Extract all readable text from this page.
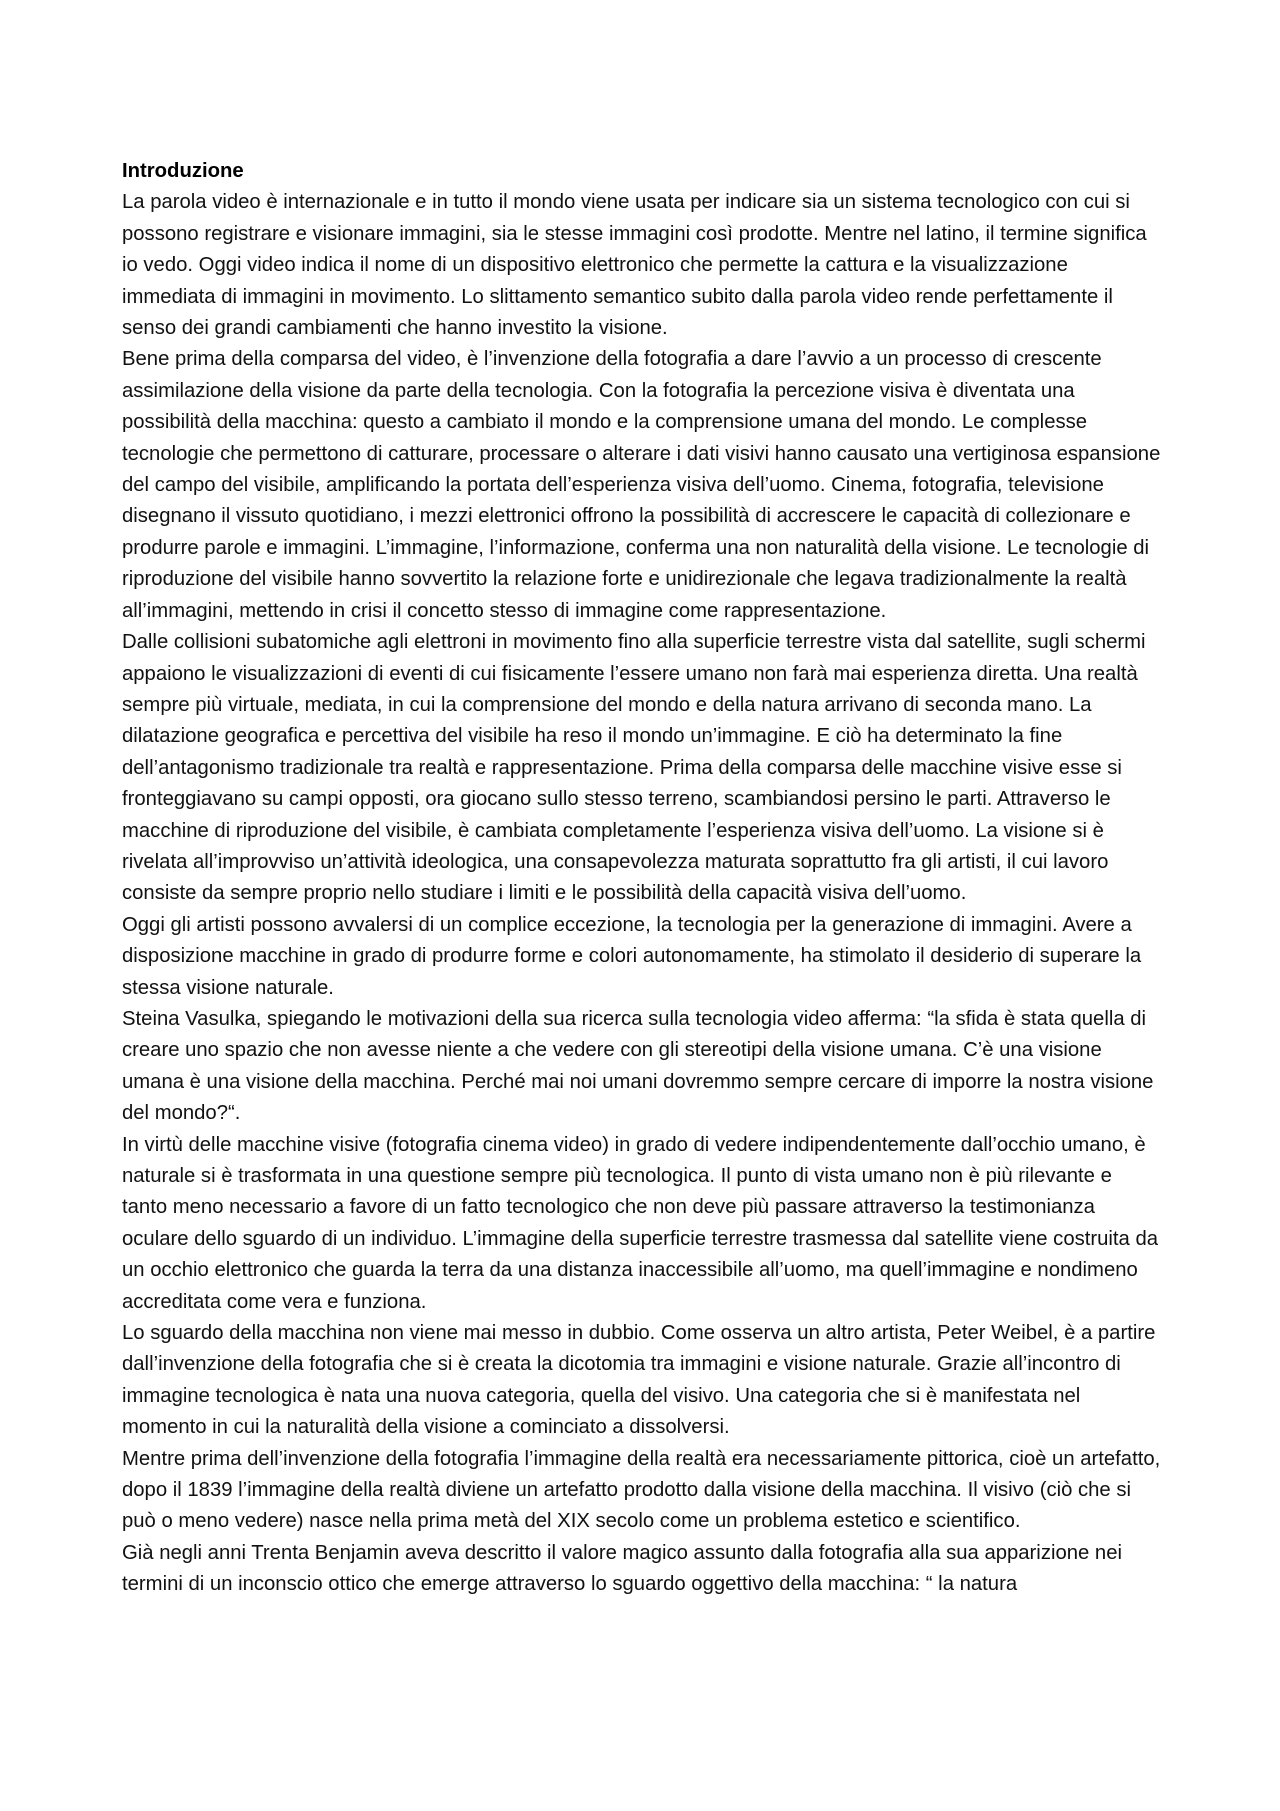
Introduzione

La parola video è internazionale e in tutto il mondo viene usata per indicare sia un sistema tecnologico con cui si possono registrare e visionare immagini, sia le stesse immagini così prodotte. Mentre nel latino, il termine significa io vedo. Oggi video indica il nome di un dispositivo elettronico che permette la cattura e la visualizzazione immediata di immagini in movimento. Lo slittamento semantico subito dalla parola video rende perfettamente il senso dei grandi cambiamenti che hanno investito la visione.

Bene prima della comparsa del video, è l’invenzione della fotografia a dare l’avvio a un processo di crescente assimilazione della visione da parte della tecnologia. Con la fotografia la percezione visiva è diventata una possibilità della macchina: questo a cambiato il mondo e la comprensione umana del mondo. Le complesse tecnologie che permettono di catturare, processare o alterare i dati visivi hanno causato una vertiginosa espansione del campo del visibile, amplificando la portata dell’esperienza visiva dell’uomo. Cinema, fotografia, televisione disegnano il vissuto quotidiano, i mezzi elettronici offrono la possibilità di accrescere le capacità di collezionare e produrre parole e immagini. L’immagine, l’informazione, conferma una non naturalità della visione. Le tecnologie di riproduzione del visibile hanno sovvertito la relazione forte e unidirezionale che legava tradizionalmente la realtà all’immagini, mettendo in crisi il concetto stesso di immagine come rappresentazione.

Dalle collisioni subatomiche agli elettroni in movimento fino alla superficie terrestre vista dal satellite, sugli schermi appaiono le visualizzazioni di eventi di cui fisicamente l’essere umano non farà mai esperienza diretta. Una realtà sempre più virtuale, mediata, in cui la comprensione del mondo e della natura arrivano di seconda mano. La dilatazione geografica e percettiva del visibile ha reso il mondo un’immagine. E ciò ha determinato la fine dell’antagonismo tradizionale tra realtà e rappresentazione. Prima della comparsa delle macchine visive esse si fronteggiavano su campi opposti, ora giocano sullo stesso terreno, scambiandosi persino le parti. Attraverso le macchine di riproduzione del visibile, è cambiata completamente l’esperienza visiva dell’uomo. La visione si è rivelata all’improvviso un’attività ideologica, una consapevolezza maturata soprattutto fra gli artisti, il cui lavoro consiste da sempre proprio nello studiare i limiti e le possibilità della capacità visiva dell’uomo.

Oggi gli artisti possono avvalersi di un complice eccezione, la tecnologia per la generazione di immagini. Avere a disposizione macchine in grado di produrre forme e colori autonomamente, ha stimolato il desiderio di superare la stessa visione naturale.

Steina Vasulka, spiegando le motivazioni della sua ricerca sulla tecnologia video afferma: “la sfida è stata quella di creare uno spazio che non avesse niente a che vedere con gli stereotipi della visione umana. C’è una visione umana è una visione della macchina. Perché mai noi umani dovremmo sempre cercare di imporre la nostra visione del mondo?“.

In virtù delle macchine visive (fotografia cinema video) in grado di vedere indipendentemente dall’occhio umano, è naturale si è trasformata in una questione sempre più tecnologica. Il punto di vista umano non è più rilevante e tanto meno necessario a favore di un fatto tecnologico che non deve più passare attraverso la testimonianza oculare dello sguardo di un individuo. L’immagine della superficie terrestre trasmessa dal satellite viene costruita da un occhio elettronico che guarda la terra da una distanza inaccessibile all’uomo, ma quell’immagine e nondimeno accreditata come vera e funziona.

Lo sguardo della macchina non viene mai messo in dubbio. Come osserva un altro artista, Peter Weibel, è a partire dall’invenzione della fotografia che si è creata la dicotomia tra immagini e visione naturale. Grazie all’incontro di immagine tecnologica è nata una nuova categoria, quella del visivo. Una categoria che si è manifestata nel momento in cui la naturalità della visione a cominciato a dissolversi.

Mentre prima dell’invenzione della fotografia l’immagine della realtà era necessariamente pittorica, cioè un artefatto, dopo il 1839 l’immagine della realtà diviene un artefatto prodotto dalla visione della macchina. Il visivo (ciò che si può o meno vedere) nasce nella prima metà del XIX secolo come un problema estetico e scientifico.

Già negli anni Trenta Benjamin aveva descritto il valore magico assunto dalla fotografia alla sua apparizione nei termini di un inconscio ottico che emerge attraverso lo sguardo oggettivo della macchina: “ la natura
